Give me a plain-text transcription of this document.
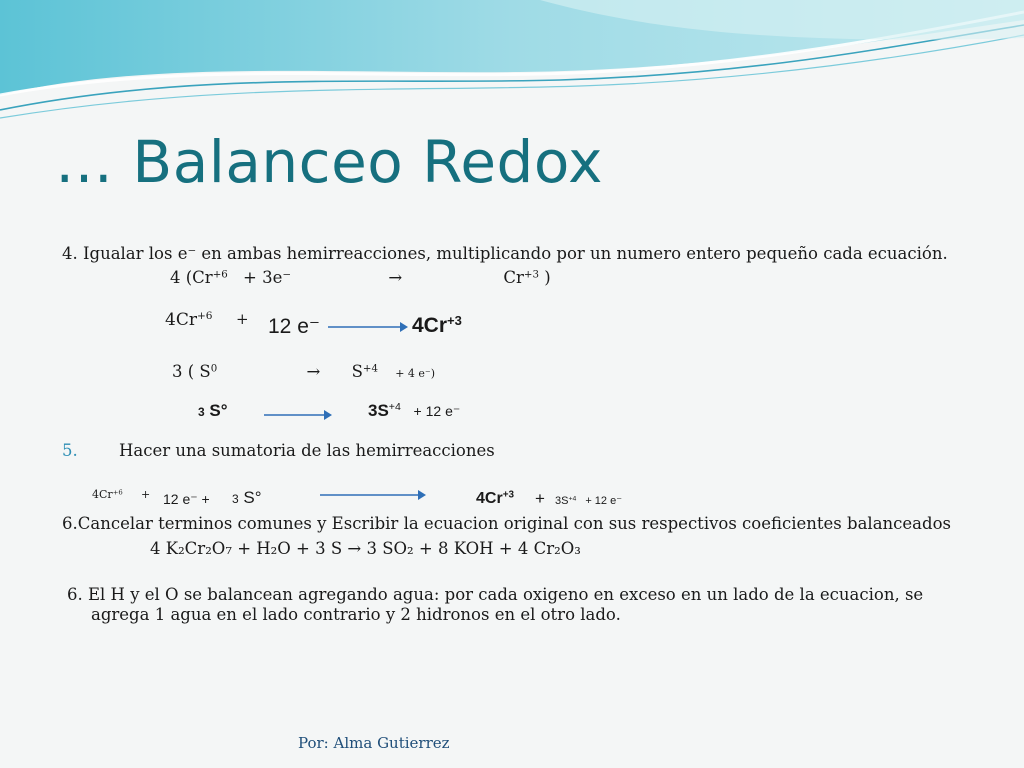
… Balanceo Redox
4. Igualar los e⁻ en ambas hemirreacciones, multiplicando por un numero entero pequeño cada ecuación.
4 ($Cr^{+6} + 3e^-$	→	$Cr^{+3}$ )
$4Cr^{+6} + 12$ e⁻	$4Cr^{+3}$
3 ( $S^0$	→ $S^{+4} + 4$ e⁻)
3 S°	$3S^{+4} + 12$ e⁻
5.	Hacer una sumatoria de las hemirreacciones
$4Cr^{+6} + 12$ e⁻ + 3 S°	$4Cr^{+3} + 3S^{+4} + 12$ e⁻
6.Cancelar terminos comunes y Escribir la ecuacion original con sus respectivos coeficientes balanceados
4 K₂Cr₂O₇ + H₂O + 3 S → 3 SO₂ + 8 KOH + 4 Cr₂O₃
6. El H y el O se balancean agregando agua: por cada oxigeno en exceso en un lado de la ecuacion, se
agrega 1 agua en el lado contrario y 2 hidronos en el otro lado.
Por: Alma Gutierrez
